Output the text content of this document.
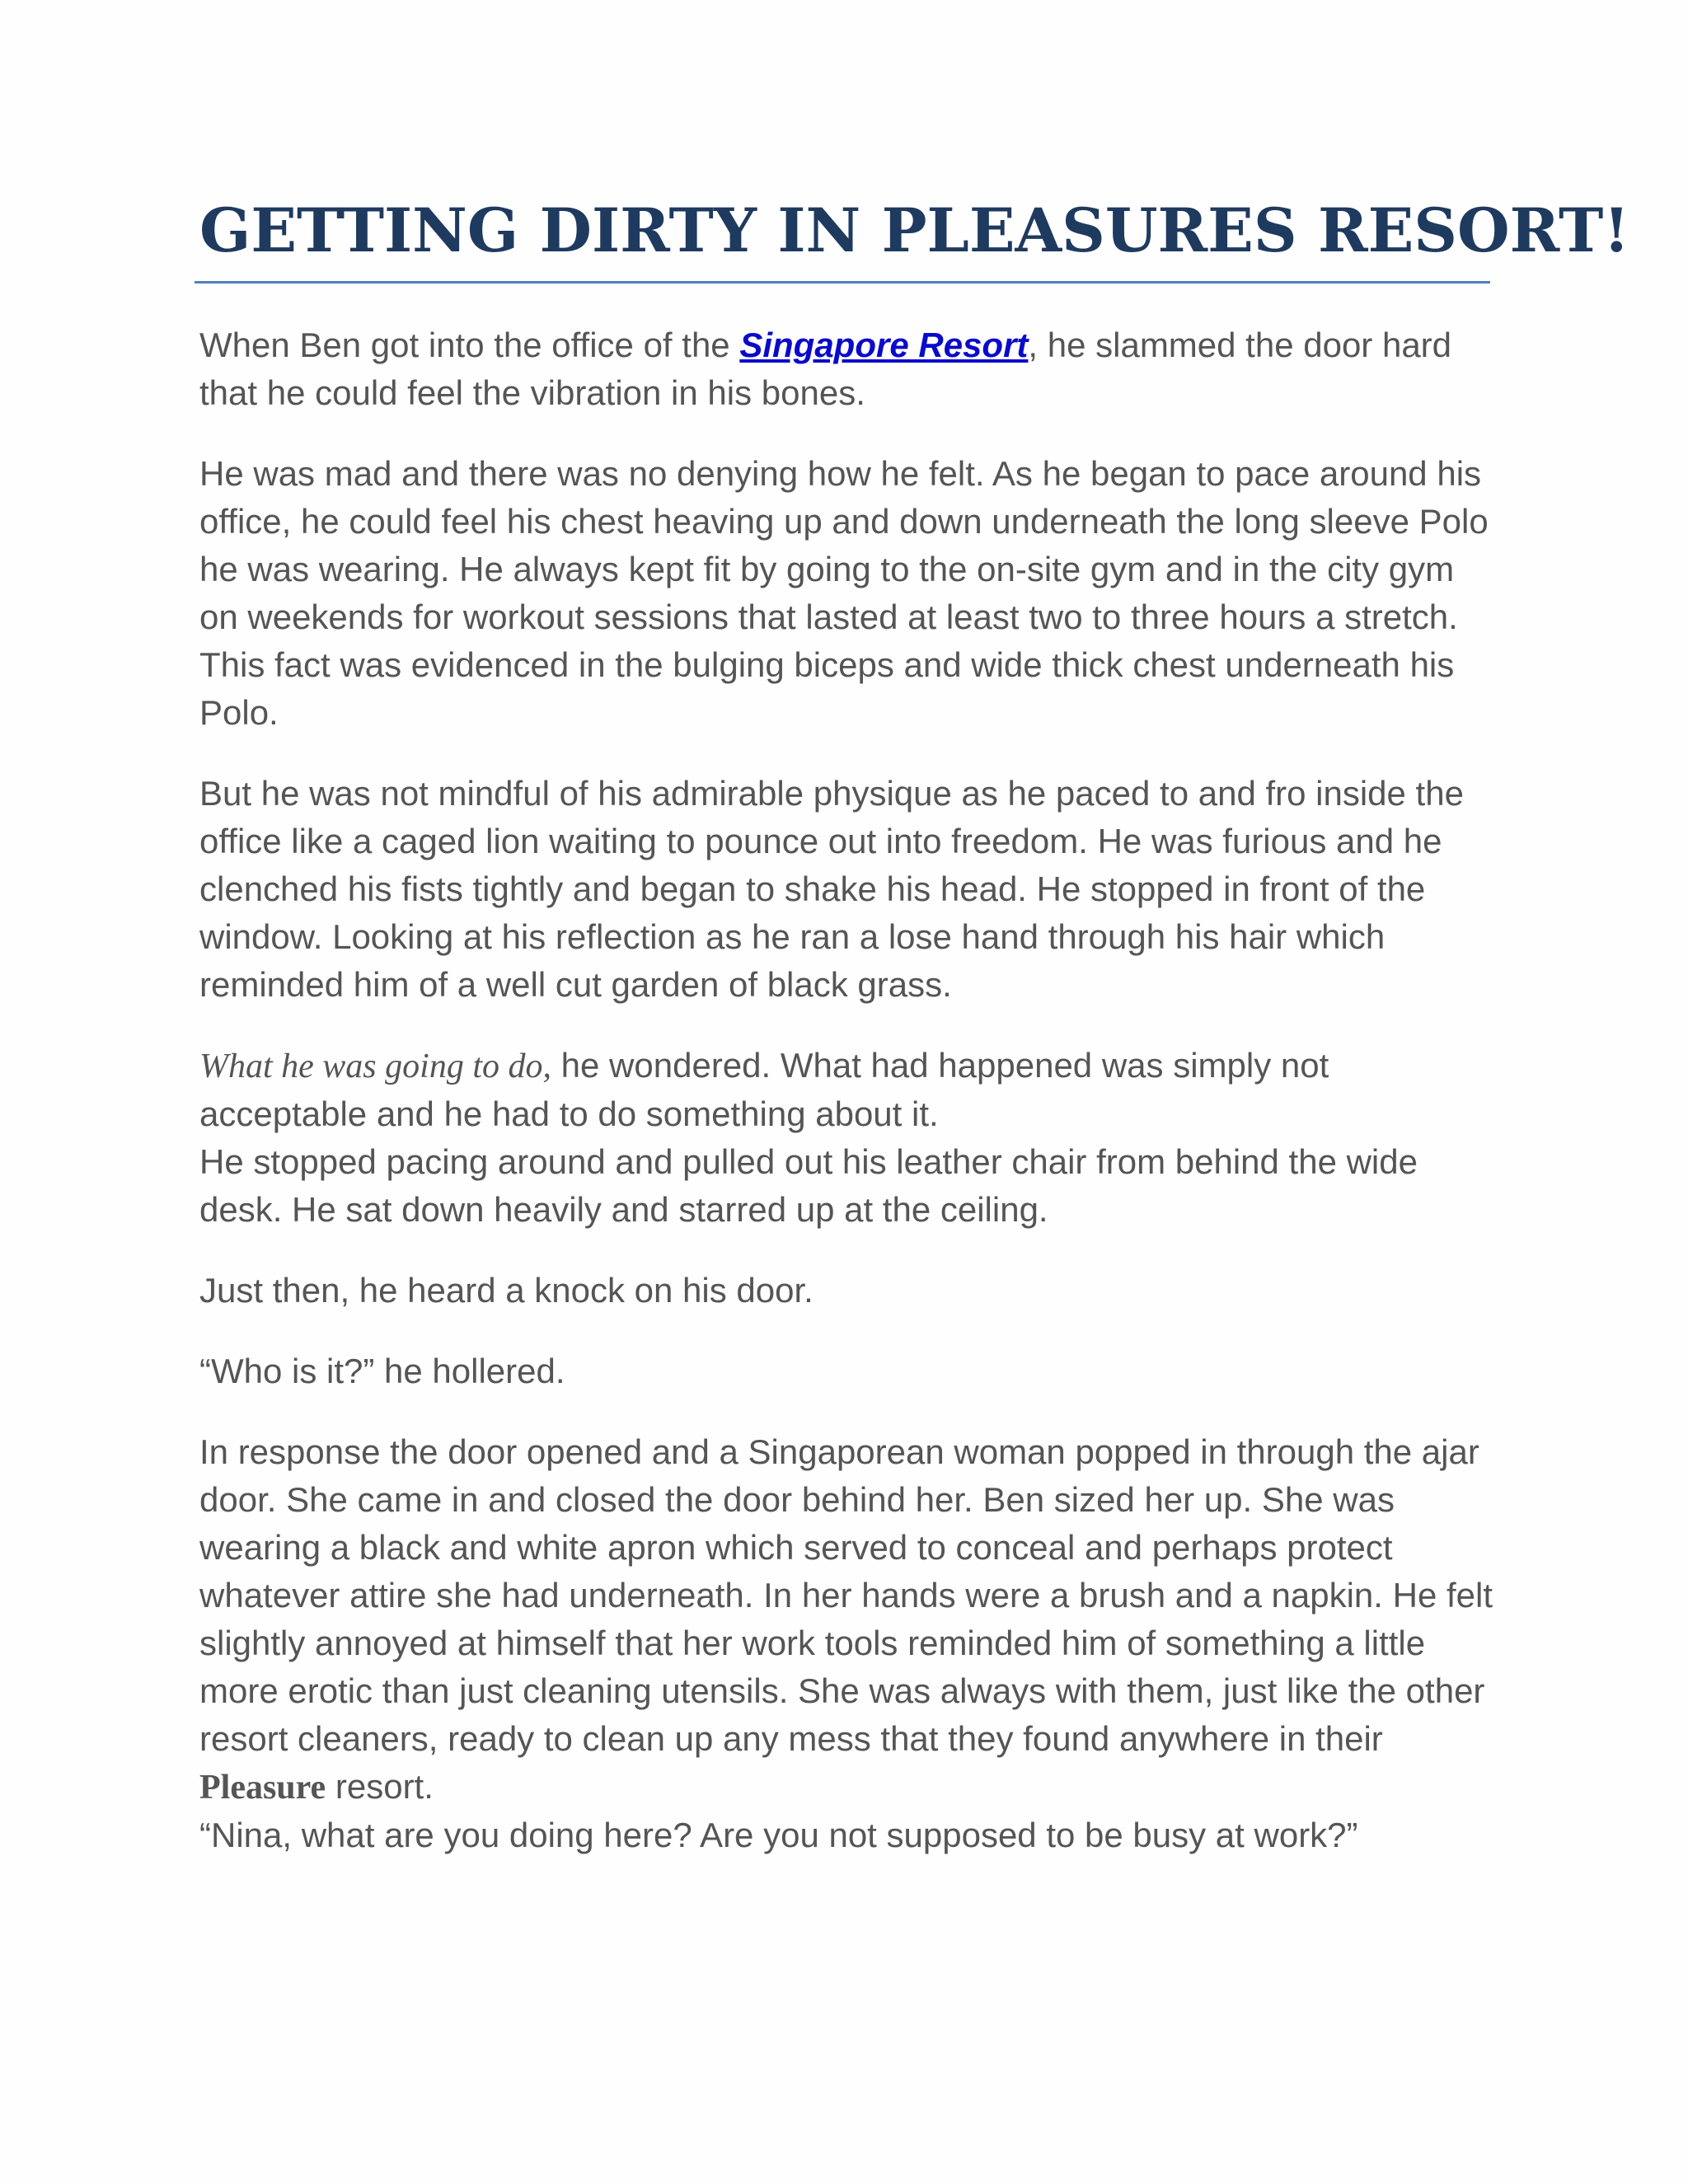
GETTING DIRTY IN PLEASURES RESORT!

When Ben got into the office of the Singapore Resort, he slammed the door hard that he could feel the vibration in his bones.

He was mad and there was no denying how he felt. As he began to pace around his office, he could feel his chest heaving up and down underneath the long sleeve Polo he was wearing. He always kept fit by going to the on-site gym and in the city gym on weekends for workout sessions that lasted at least two to three hours a stretch. This fact was evidenced in the bulging biceps and wide thick chest underneath his Polo.

But he was not mindful of his admirable physique as he paced to and fro inside the office like a caged lion waiting to pounce out into freedom. He was furious and he clenched his fists tightly and began to shake his head. He stopped in front of the window. Looking at his reflection as he ran a lose hand through his hair which reminded him of a well cut garden of black grass.

What he was going to do, he wondered. What had happened was simply not acceptable and he had to do something about it.

He stopped pacing around and pulled out his leather chair from behind the wide desk. He sat down heavily and starred up at the ceiling.

Just then, he heard a knock on his door.

“Who is it?” he hollered.

In response the door opened and a Singaporean woman popped in through the ajar door. She came in and closed the door behind her. Ben sized her up. She was wearing a black and white apron which served to conceal and perhaps protect whatever attire she had underneath. In her hands were a brush and a napkin. He felt slightly annoyed at himself that her work tools reminded him of something a little more erotic than just cleaning utensils. She was always with them, just like the other resort cleaners, ready to clean up any mess that they found anywhere in their Pleasure resort.

“Nina, what are you doing here? Are you not supposed to be busy at work?”
